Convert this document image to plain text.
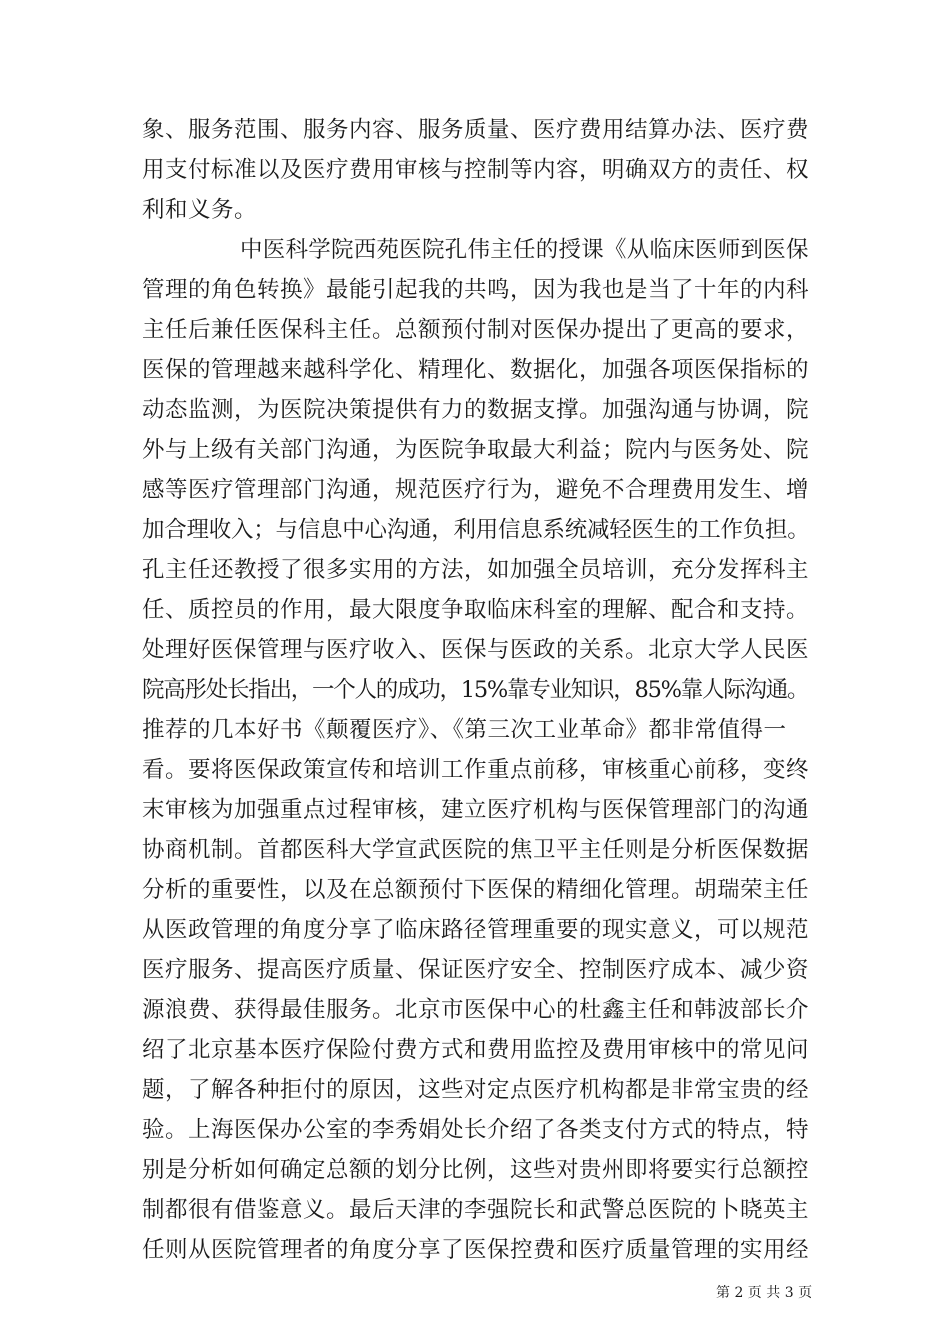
象、服务范围、服务内容、服务质量、医疗费用结算办法、医疗费
用支付标准以及医疗费用审核与控制等内容，明确双方的责任、权
利和义务。
中医科学院西苑医院孔伟主任的授课《从临床医师到医保
管理的角色转换》最能引起我的共鸣，因为我也是当了十年的内科
主任后兼任医保科主任。总额预付制对医保办提出了更高的要求，
医保的管理越来越科学化、精理化、数据化，加强各项医保指标的
动态监测，为医院决策提供有力的数据支撑。加强沟通与协调，院
外与上级有关部门沟通，为医院争取最大利益；院内与医务处、院
感等医疗管理部门沟通，规范医疗行为，避免不合理费用发生、增
加合理收入；与信息中心沟通，利用信息系统减轻医生的工作负担。
孔主任还教授了很多实用的方法，如加强全员培训，充分发挥科主
任、质控员的作用，最大限度争取临床科室的理解、配合和支持。
处理好医保管理与医疗收入、医保与医政的关系。北京大学人民医
院高彤处长指出，一个人的成功，15%靠专业知识，85%靠人际沟通。
推荐的几本好书《颠覆医疗》、《第三次工业革命》都非常值得一
看。要将医保政策宣传和培训工作重点前移，审核重心前移，变终
末审核为加强重点过程审核，建立医疗机构与医保管理部门的沟通
协商机制。首都医科大学宣武医院的焦卫平主任则是分析医保数据
分析的重要性，以及在总额预付下医保的精细化管理。胡瑞荣主任
从医政管理的角度分享了临床路径管理重要的现实意义，可以规范
医疗服务、提高医疗质量、保证医疗安全、控制医疗成本、减少资
源浪费、获得最佳服务。北京市医保中心的杜鑫主任和韩波部长介
绍了北京基本医疗保险付费方式和费用监控及费用审核中的常见问
题，了解各种拒付的原因，这些对定点医疗机构都是非常宝贵的经
验。上海医保办公室的李秀娟处长介绍了各类支付方式的特点，特
别是分析如何确定总额的划分比例，这些对贵州即将要实行总额控
制都很有借鉴意义。最后天津的李强院长和武警总医院的卜晓英主
任则从医院管理者的角度分享了医保控费和医疗质量管理的实用经
第 2 页 共 3 页
